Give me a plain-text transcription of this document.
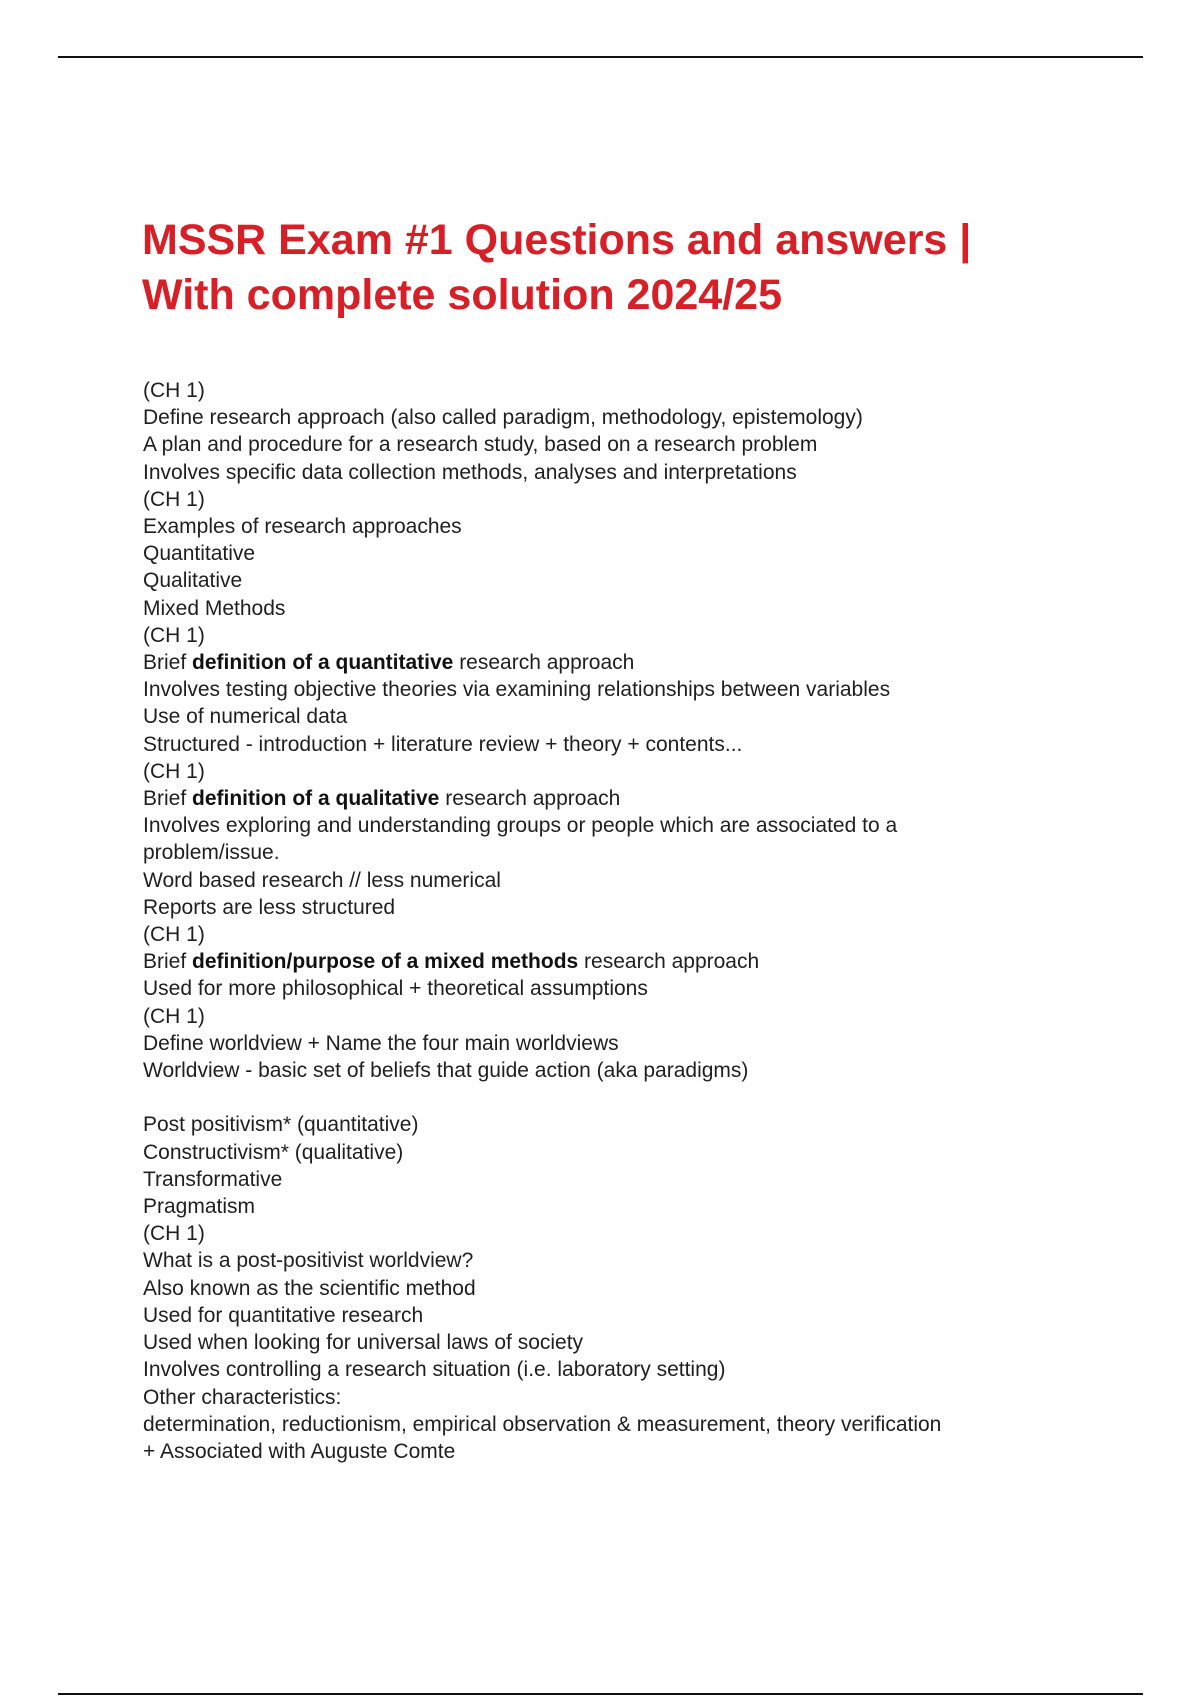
MSSR Exam #1 Questions and answers |
With complete solution 2024/25
(CH 1)
Define research approach (also called paradigm, methodology, epistemology)
A plan and procedure for a research study, based on a research problem
Involves specific data collection methods, analyses and interpretations
(CH 1)
Examples of research approaches
Quantitative
Qualitative
Mixed Methods
(CH 1)
Brief definition of a quantitative research approach
Involves testing objective theories via examining relationships between variables
Use of numerical data
Structured - introduction + literature review + theory + contents...
(CH 1)
Brief definition of a qualitative research approach
Involves exploring and understanding groups or people which are associated to a
problem/issue.
Word based research // less numerical
Reports are less structured
(CH 1)
Brief definition/purpose of a mixed methods research approach
Used for more philosophical + theoretical assumptions
(CH 1)
Define worldview + Name the four main worldviews
Worldview - basic set of beliefs that guide action (aka paradigms)
Post positivism* (quantitative)
Constructivism* (qualitative)
Transformative
Pragmatism
(CH 1)
What is a post-positivist worldview?
Also known as the scientific method
Used for quantitative research
Used when looking for universal laws of society
Involves controlling a research situation (i.e. laboratory setting)
Other characteristics:
determination, reductionism, empirical observation & measurement, theory verification
+ Associated with Auguste Comte
